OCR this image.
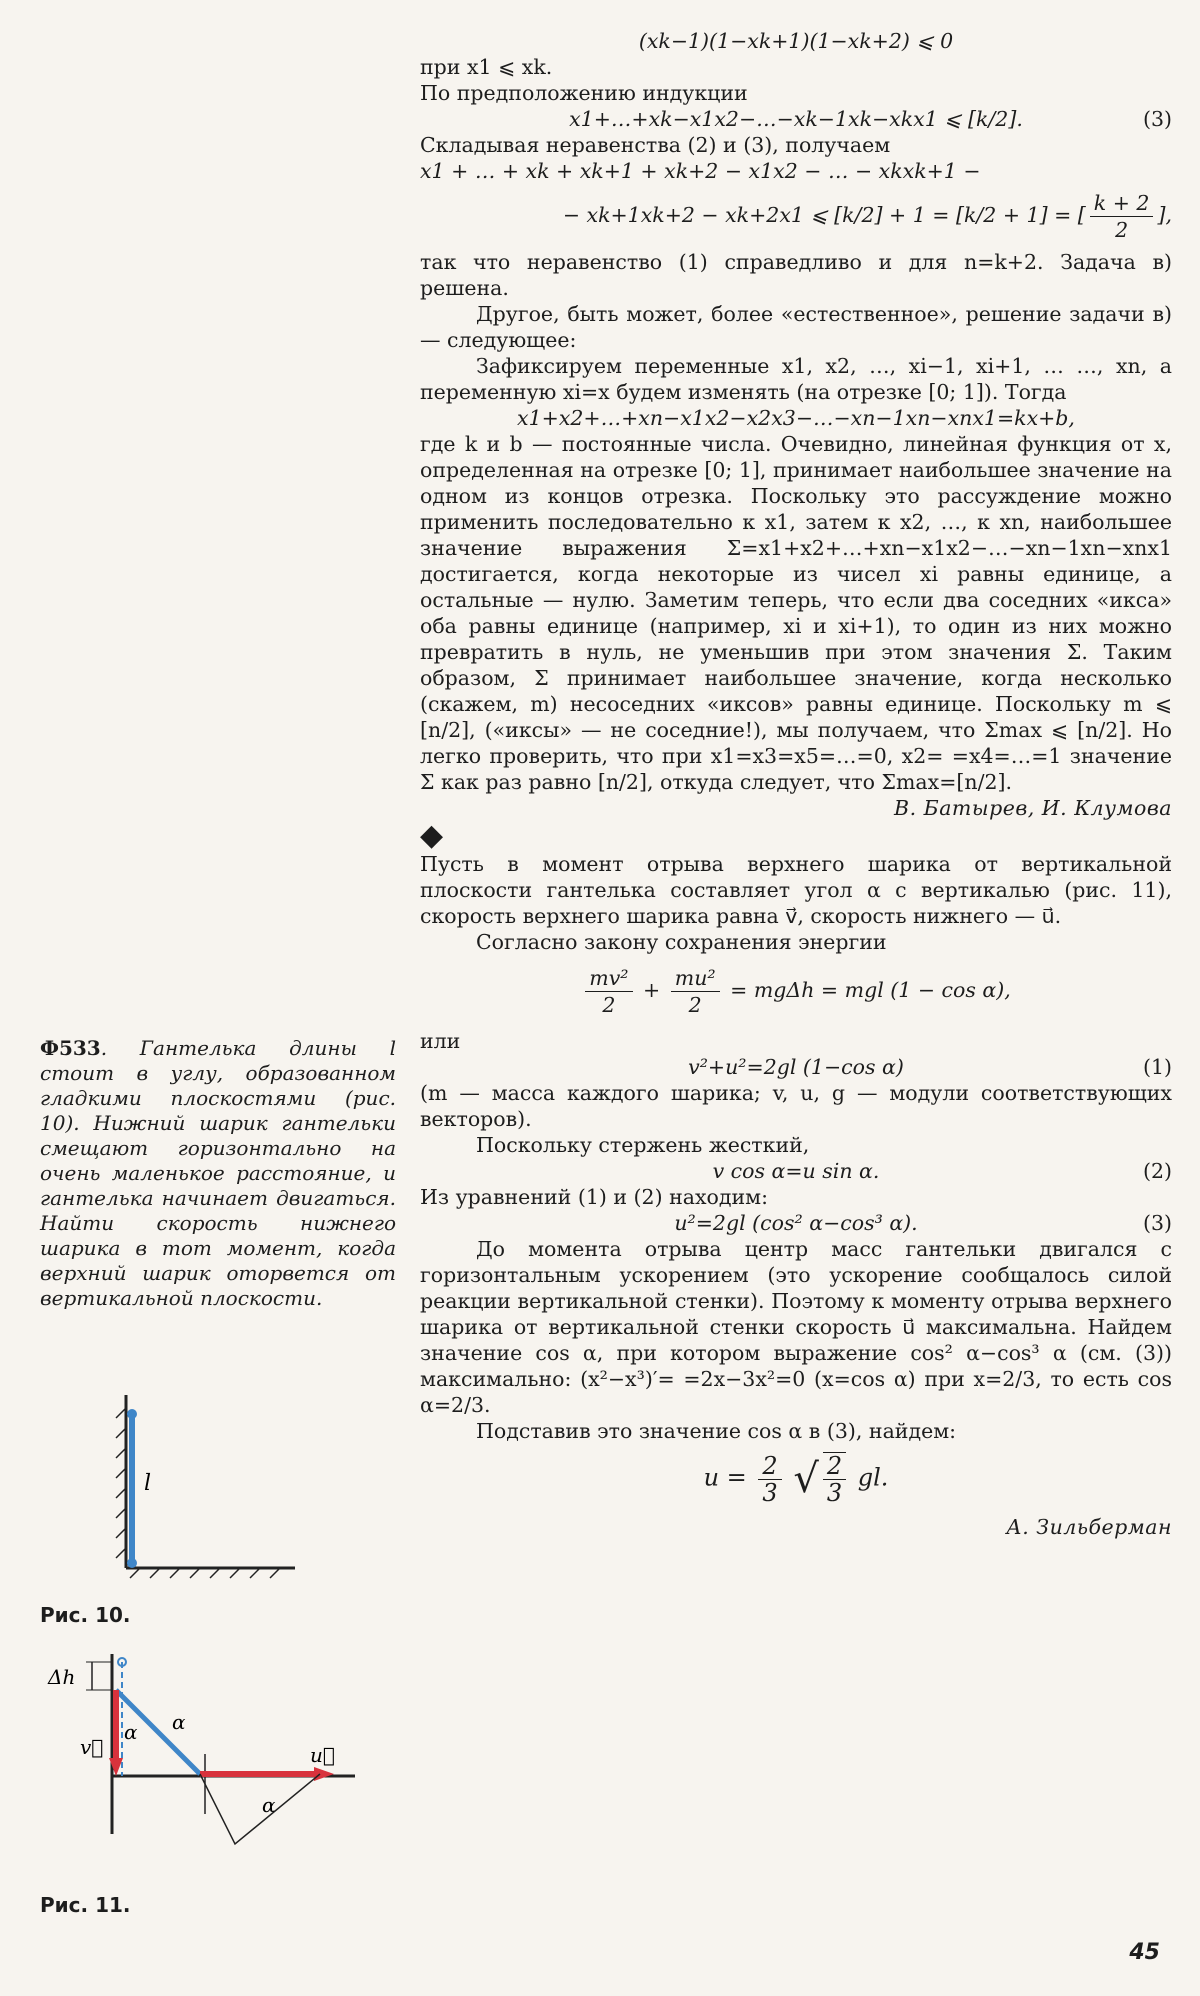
(xk−1)(1−xk+1)(1−xk+2) ⩽ 0

при x1 ⩽ xk.

По предположению индукции

x1+…+xk−x1x2−…−xk−1xk−xkx1 ⩽ [k/2].	(3)

Складывая неравенства (2) и (3), получаем

x1 + … + xk + xk+1 + xk+2 − x1x2 − … − xkxk+1 −

− xk+1xk+2 − xk+2x1 ⩽ [k/2] + 1 = [k/2 + 1] = [ $\frac{k + 2}{2}$ ],

так что неравенство (1) справедливо и для n=k+2. Задача в) решена.

Другое, быть может, более «естественное», решение задачи в) — следующее:

Зафиксируем переменные x1, x2, …, xi−1, xi+1, … …, xn, а переменную xi=x будем изменять (на отрезке [0; 1]). Тогда

x1+x2+…+xn−x1x2−x2x3−…−xn−1xn−xnx1=kx+b,

где k и b — постоянные числа. Очевидно, линейная функция от x, определенная на отрезке [0; 1], принимает наибольшее значение на одном из концов отрезка. Поскольку это рассуждение можно применить последовательно к x1, затем к x2, …, к xn, наибольшее значение выражения Σ=x1+x2+…+xn−x1x2−…−xn−1xn−xnx1 достигается, когда некоторые из чисел xi равны единице, а остальные — нулю. Заметим теперь, что если два соседних «икса» оба равны единице (например, xi и xi+1), то один из них можно превратить в нуль, не уменьшив при этом значения Σ. Таким образом, Σ принимает наибольшее значение, когда несколько (скажем, m) несоседних «иксов» равны единице. Поскольку m ⩽ [n/2], («иксы» — не соседние!), мы получаем, что Σmax ⩽ [n/2]. Но легко проверить, что при x1=x3=x5=…=0, x2= =x4=…=1 значение Σ как раз равно [n/2], откуда следует, что Σmax=[n/2].

В. Батырев, И. Клумова

◆

Пусть в момент отрыва верхнего шарика от вертикальной плоскости гантелька составляет угол α с вертикалью (рис. 11), скорость верхнего шарика равна v⃗, скорость нижнего — u⃗.

Согласно закону сохранения энергии

$\frac{\text{mv²}}{2} + \frac{\text{mu²}}{2} = mg\Delta h$ = mgl (1 − cos α),

или

v²+u²=2gl (1−cos α)	(1)

(m — масса каждого шарика; v, u, g — модули соответствующих векторов).

Поскольку стержень жесткий,

v cos α=u sin α.	(2)

Из уравнений (1) и (2) находим:

u²=2gl (cos² α−cos³ α).	(3)

До момента отрыва центр масс гантельки двигался с горизонтальным ускорением (это ускорение сообщалось силой реакции вертикальной стенки). Поэтому к моменту отрыва верхнего шарика от вертикальной стенки скорость u⃗ максимальна. Найдем значение cos α, при котором выражение cos² α−cos³ α (см. (3)) максимально: (x²−x³)′= =2x−3x²=0 (x=cos α) при x=2/3, то есть cos α=2/3.

Подставив это значение cos α в (3), найдем:

$u = \frac{2}{3}$ √ $\frac{2}{3}$ gl.

А. Зильберман

Ф533. Гантелька длины l стоит в углу, образованном гладкими плоскостями (рис. 10). Нижний шарик гантельки смещают горизонтально на очень маленькое расстояние, и гантелька начинает двигаться. Найти скорость нижнего шарика в тот момент, когда верхний шарик оторвется от вертикальной плоскости.
l
Рис. 10.
Δh
v⃗	u⃗
α α
α
Рис. 11.
45
